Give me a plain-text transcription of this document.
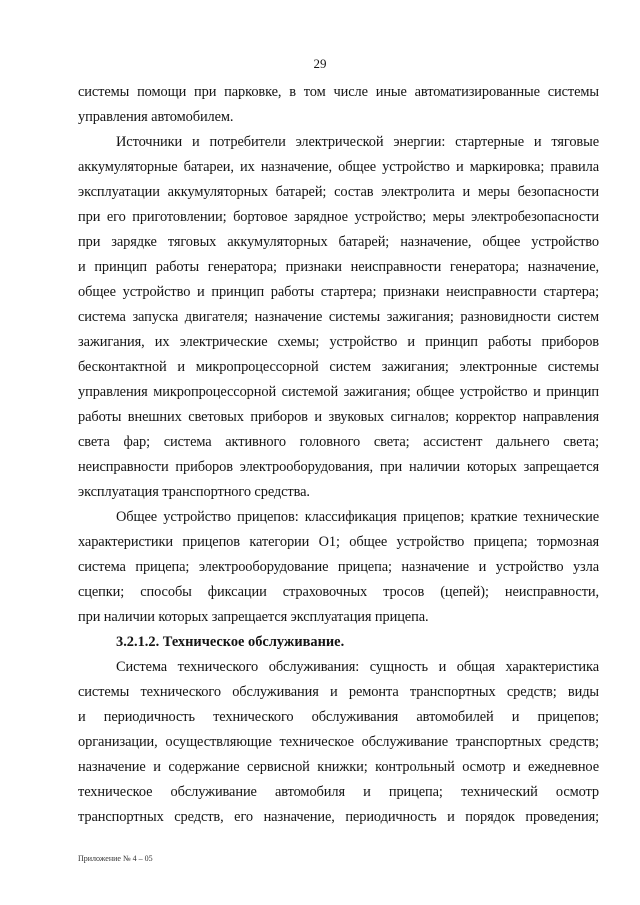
29
системы помощи при парковке, в том числе иные автоматизированные системы
управления автомобилем.
Источники и потребители электрической энергии: стартерные и тяговые
аккумуляторные батареи, их назначение, общее устройство и маркировка; правила
эксплуатации аккумуляторных батарей; состав электролита и меры безопасности
при его приготовлении; бортовое зарядное устройство; меры электробезопасности
при зарядке тяговых аккумуляторных батарей; назначение, общее устройство
и принцип работы генератора; признаки неисправности генератора; назначение,
общее устройство и принцип работы стартера; признаки неисправности стартера;
система запуска двигателя; назначение системы зажигания; разновидности систем
зажигания, их электрические схемы; устройство и принцип работы приборов
бесконтактной и микропроцессорной систем зажигания; электронные системы
управления микропроцессорной системой зажигания; общее устройство и принцип
работы внешних световых приборов и звуковых сигналов; корректор направления
света фар; система активного головного света; ассистент дальнего света;
неисправности приборов электрооборудования, при наличии которых запрещается
эксплуатация транспортного средства.
Общее устройство прицепов: классификация прицепов; краткие технические
характеристики прицепов категории О1; общее устройство прицепа; тормозная
система прицепа; электрооборудование прицепа; назначение и устройство узла
сцепки; способы фиксации страховочных тросов (цепей); неисправности,
при наличии которых запрещается эксплуатация прицепа.
3.2.1.2. Техническое обслуживание.
Система технического обслуживания: сущность и общая характеристика
системы технического обслуживания и ремонта транспортных средств; виды
и периодичность технического обслуживания автомобилей и прицепов;
организации, осуществляющие техническое обслуживание транспортных средств;
назначение и содержание сервисной книжки; контрольный осмотр и ежедневное
техническое обслуживание автомобиля и прицепа; технический осмотр
транспортных средств, его назначение, периодичность и порядок проведения;
Приложение № 4 – 05
